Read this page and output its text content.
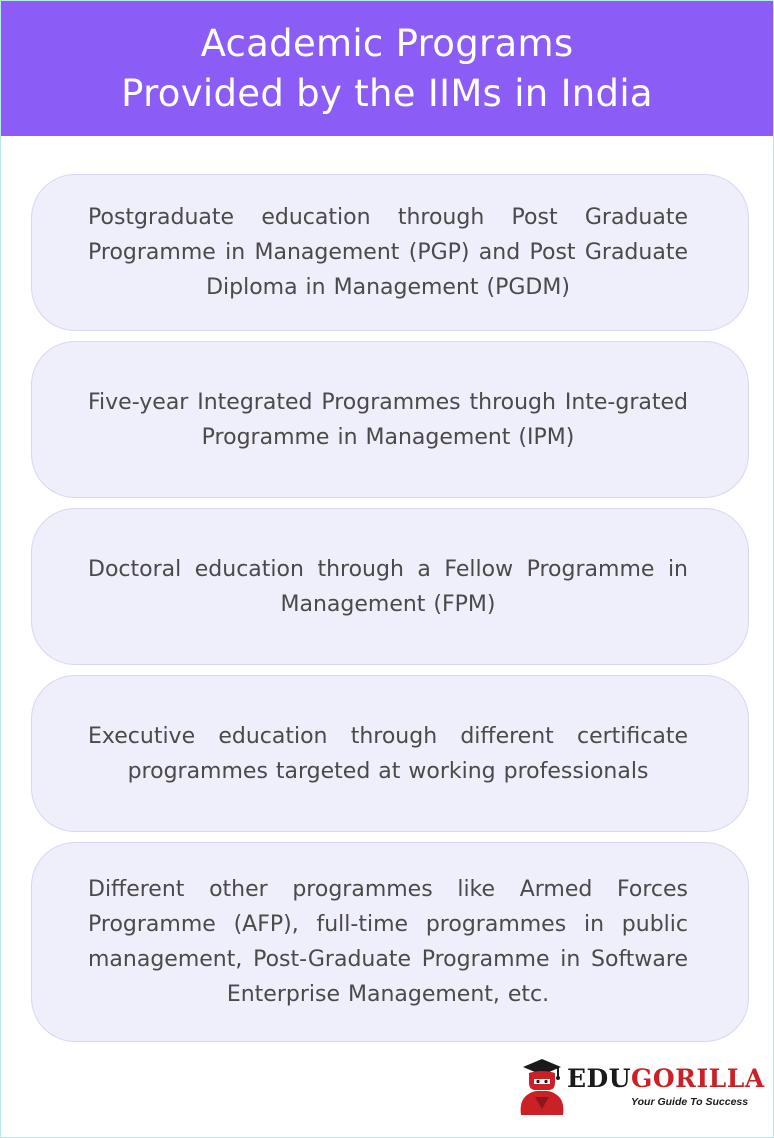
Academic Programs
Provided by the IIMs in India

Postgraduate education through Post Graduate Programme in Management (PGP) and Post Graduate Diploma in Management (PGDM)

Five-year Integrated Programmes through Inte-grated Programme in Management (IPM)

Doctoral education through a Fellow Programme in Management (FPM)

Executive education through different certificate programmes targeted at working professionals

Different other programmes like Armed Forces Programme (AFP), full-time programmes in public management, Post-Graduate Programme in Software Enterprise Management, etc.

EDUGORILLA
Your Guide To Success
